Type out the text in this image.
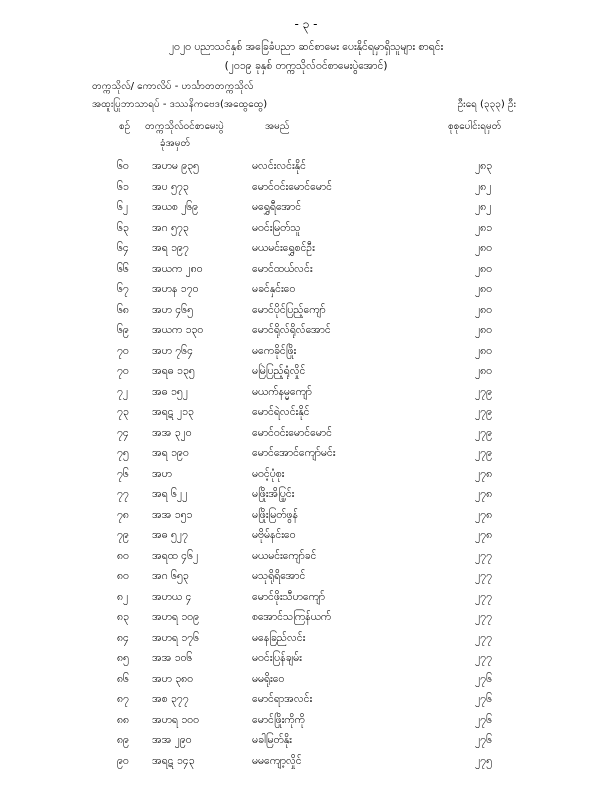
- ၃ -
၂၀၂၀ ပညာသင်နှစ် အခြေခံပညာ ဆင်စာမေး ပေးနိုင်ရမှာရှိသူများ စာရင်း
(၂၀၁၉ ခုနှစ် တက္ကသိုလ်ဝင်စာမေးပွဲအောင်)
တက္ကသိုလ်/ ကောလိပ် - ဟင်္သာတတက္ကသိုလ်
အထူးပြုဘာသာရပ် - ဒဿနိကဗေဒ(အထွေထွေ)	ဦးရေ (၃၃၃) ဦး
စဉ် တက္ကသိုလ်ဝင်စာမေးပွဲ
ခုံအမှတ်
အမည်	စုစုပေါင်းရမှတ်
၆၀ အဟမ ၉၃၅	မလင်းလင်းနိုင်	၂၈၃
၆၁ အပ ၅၇၃	မောင်ဝင်းမောင်မောင်	၂၈၂
၆၂ အယစ ၂၆၉	မရွှေရီအောင်	၂၈၂
၆၃ အဂ ၅၇၃	မဝင်းမြတ်သူ	၂၈၁
၆၄ အရ ၁၉၇	မယမင်းရွှေစင်ဦး	၂၈၀
၆၆ အယက ၂၈၀	မောင်ထယ်လင်း	၂၈၀
၆၇ အဟန ၁၇၀	မခင်နှင်းဝေ	၂၈၀
၆၈ အဟ ၄၆၅	မောင်ပိုင်ပြည့်ကျော်	၂၈၀
၆၉ အယက ၁၃၀	မောင်ရိုလ်ရိုလ်အောင်	၂၈၀
၇၀ အဟ ၇၆၄	မကေခိုင်ဖြိုး	၂၈၀
၇၀ အရဓ ၁၃၅	မမြဲပြည့်ရုံလှိုင်	၂၈၀
၇၂ အဓ ၁၅၂	မယက်နမ္မကျော်	၂၇၉
၇၃ အရဋ ၂၁၃	မောင်ရဲလင်းနိုင်	၂၇၉
၇၄ အအ ၃၂၀	မောင်ဝင်းမောင်မောင်	၂၇၉
၇၅ အရ ၁၉၀	မောင်အောင်ကျော်မင်း	၂၇၉
၇၆ အဟ	မဝင့်ပုံစုး	၂၇၈
၇၇ အရ ၆၂၂	မဖြိုးအိပ္ပြင်း	၂၇၈
၇၈ အအ ၁၅၁	မဖြိုးမြတ်ဖွန်	၂၇၈
၇၉ အဓ ၅၂၇	မဗိုမ်နင်းဝေ	၂၇၈
၈၀ အရထ ၄၆၂	မယမင်းကျော်ခင်	၂၇၇
၈၀ အဂ ၆၅၃	မသုရိုရိအောင်	၂၇၇
၈၂ အဟယ ၄	မောင်ဖိုးသီဟကျော်	၂၇၇
၈၃ အဟရ ၁၀၉	စအောင်သကြန်ယက်	၂၇၇
၈၄ အဟရ ၁၇၆	မနေခြည်လင်း	၂၇၇
၈၅ အအ ၁၀၆	မဝင်းပြန်ချမ်း	၂၇၇
၈၆ အဟ ၃၈၀	မမရိုးဝေ	၂၇၆
၈၇ အစ ၃၇၇	မောင်ရာအလင်း	၂၇၆
၈၈ အဟရ ၁၀၀	မောင်ဖြိုးကိုကို	၂၇၆
၈၉ အအ ၂၉၀	မခါမြတ်နိုး	၂၇၆
၉၀ အရဋ ၁၄၃	မမကျော့လှိုင်	၂၇၅
